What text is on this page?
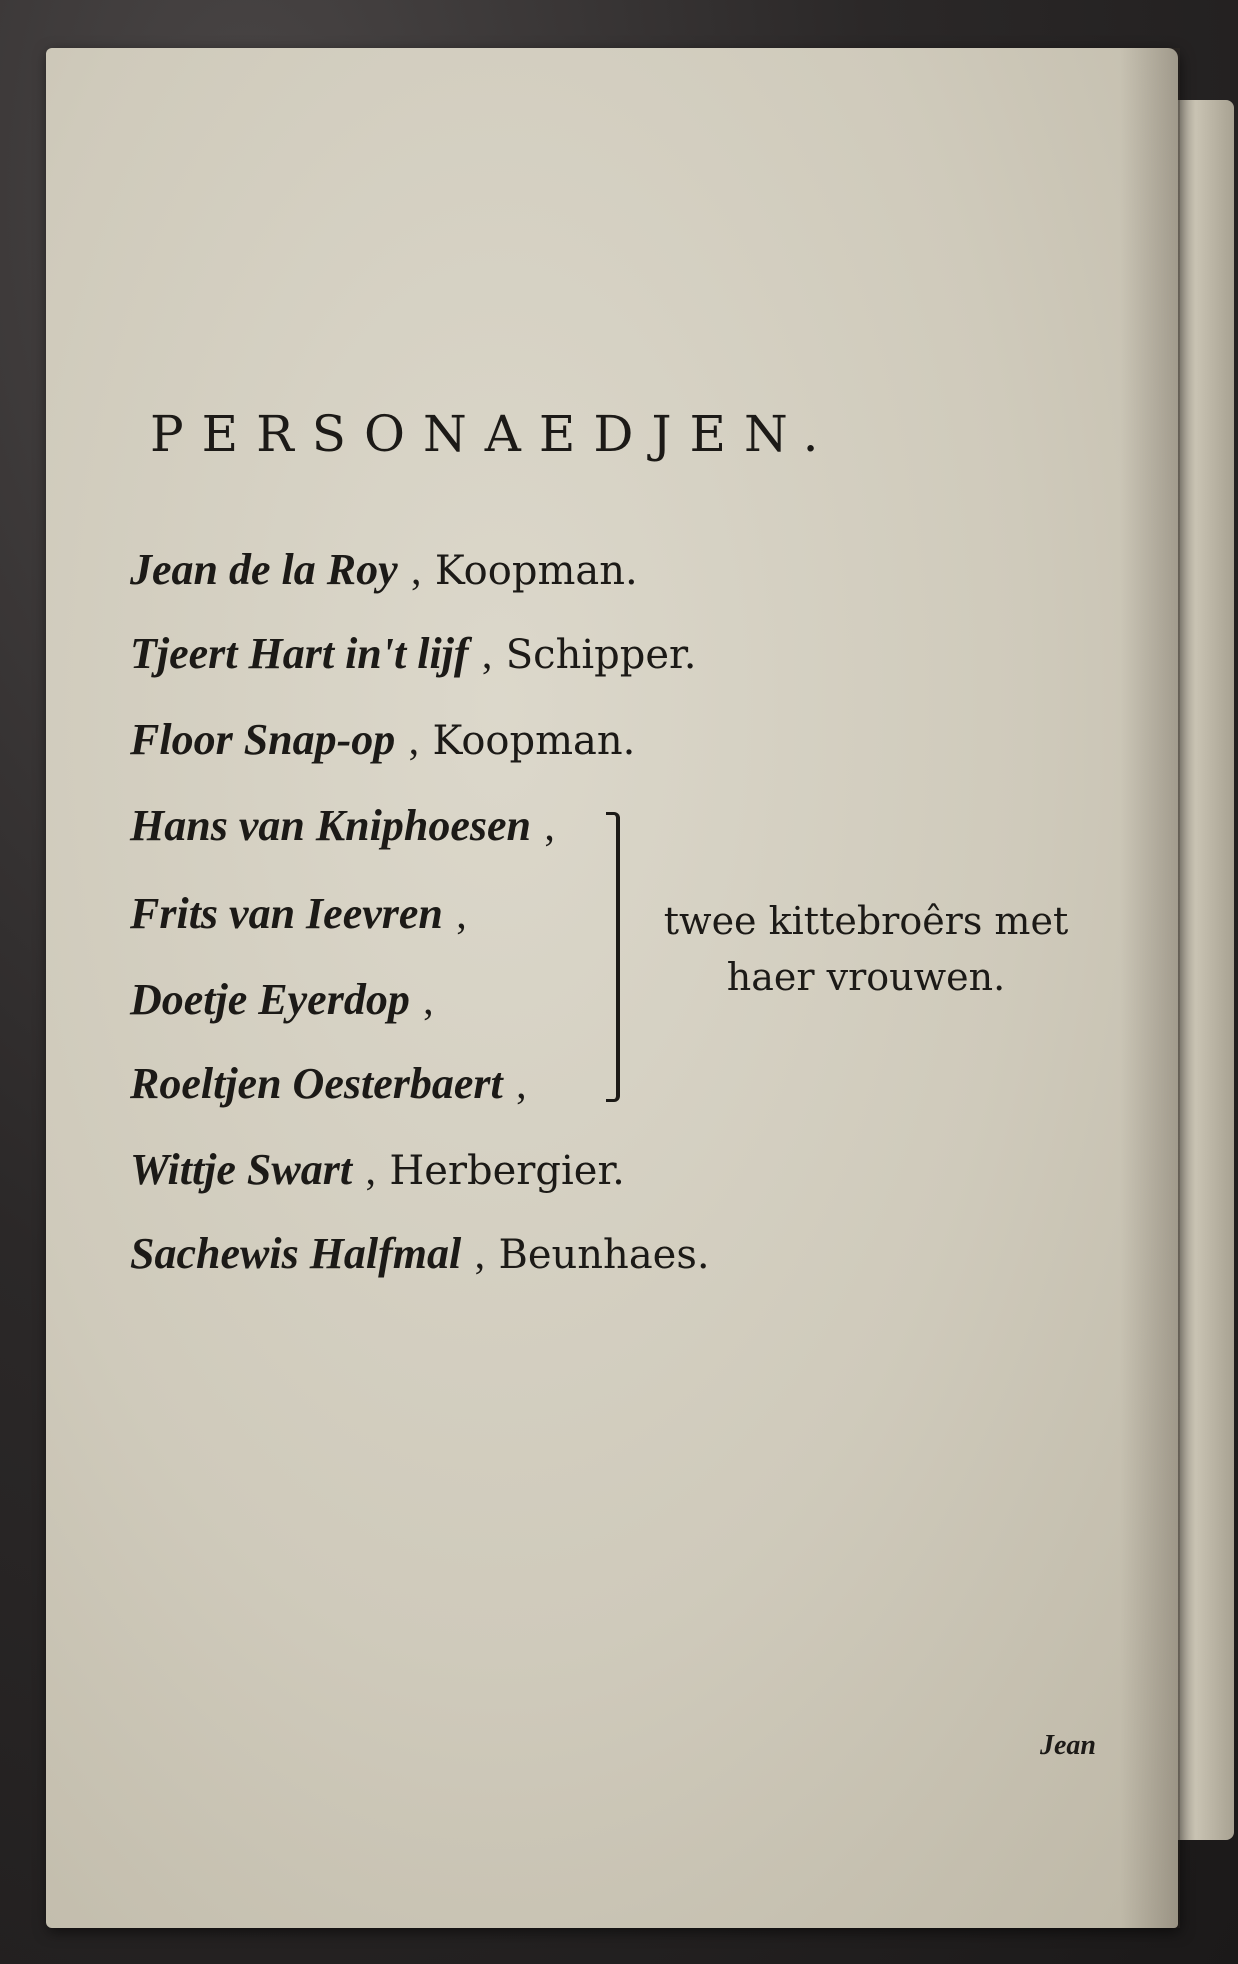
PERSONAEDJEN.
Jean de la Roy , Koopman.
Tjeert Hart in't lijf , Schipper.
Floor Snap-op , Koopman.
Hans van Kniphoesen ,
Frits van Ieevren ,
Doetje Eyerdop ,
Roeltjen Oesterbaert ,
Wittje Swart , Herbergier.
Sachewis Halfmal , Beunhaes.
twee kittebroêrs met
haer vrouwen.
Jean
